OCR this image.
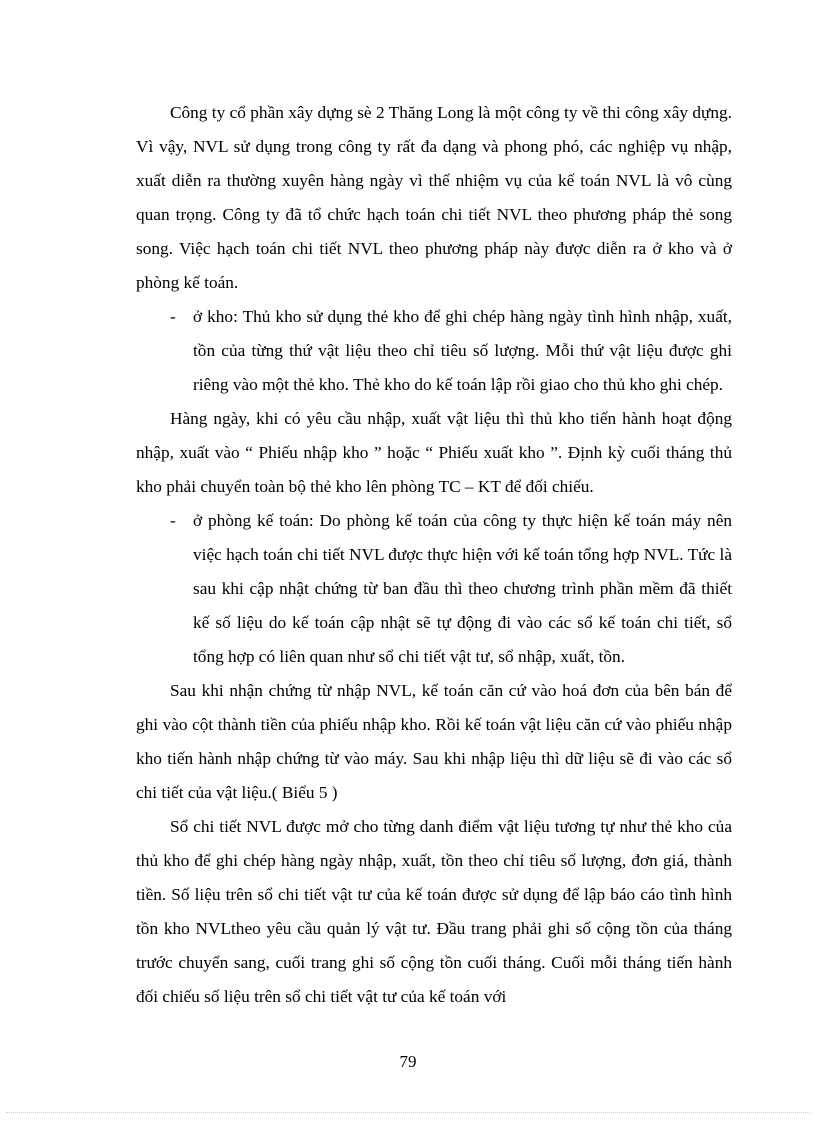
Công ty cổ phần xây dựng sè 2 Thăng Long là một công ty về thi công xây dựng. Vì vậy, NVL sử dụng trong công ty rất đa dạng và phong phó, các nghiệp vụ nhập, xuất diễn ra thường xuyên hàng ngày vì thế nhiệm vụ của kế toán NVL là vô cùng quan trọng. Công ty đã tổ chức hạch toán chi tiết NVL theo phương pháp thẻ song song. Việc hạch toán chi tiết NVL theo phương pháp này được diễn ra ở kho và ở phòng kế toán.

- ở kho: Thủ kho sử dụng thẻ kho để ghi chép hàng ngày tình hình nhập, xuất, tồn của từng thứ vật liệu theo chỉ tiêu số lượng. Mỗi thứ vật liệu được ghi riêng vào một thẻ kho. Thẻ kho do kế toán lập rồi giao cho thủ kho ghi chép.

Hàng ngày, khi có yêu cầu nhập, xuất vật liệu thì thủ kho tiến hành hoạt động nhập, xuất vào “ Phiếu nhập kho ” hoặc “ Phiếu xuất kho ”. Định kỳ cuối tháng thủ kho phải chuyển toàn bộ thẻ kho lên phòng TC – KT để đối chiếu.

- ở phòng kế toán: Do phòng kế toán của công ty thực hiện kế toán máy nên việc hạch toán chi tiết NVL được thực hiện với kế toán tổng hợp NVL. Tức là sau khi cập nhật chứng từ ban đầu thì theo chương trình phần mềm đã thiết kế số liệu do kế toán cập nhật sẽ tự động đi vào các sổ kế toán chi tiết, sổ tổng hợp có liên quan như sổ chi tiết vật tư, sổ nhập, xuất, tồn.

Sau khi nhận chứng từ nhập NVL, kế toán căn cứ vào hoá đơn của bên bán để ghi vào cột thành tiền của phiếu nhập kho. Rồi kế toán vật liệu căn cứ vào phiếu nhập kho tiến hành nhập chứng từ vào máy. Sau khi nhập liệu thì dữ liệu sẽ đi vào các sổ chi tiết của vật liệu.( Biểu 5 )

Sổ chi tiết NVL được mở cho từng danh điểm vật liệu tương tự như thẻ kho của thủ kho để ghi chép hàng ngày nhập, xuất, tồn theo chỉ tiêu số lượng, đơn giá, thành tiền. Số liệu trên sổ chi tiết vật tư của kế toán được sử dụng để lập báo cáo tình hình tồn kho NVLtheo yêu cầu quản lý vật tư. Đầu trang phải ghi số cộng tồn của tháng trước chuyển sang, cuối trang ghi số cộng tồn cuối tháng. Cuối mỗi tháng tiến hành đối chiếu số liệu trên sổ chi tiết vật tư của kế toán với

79
